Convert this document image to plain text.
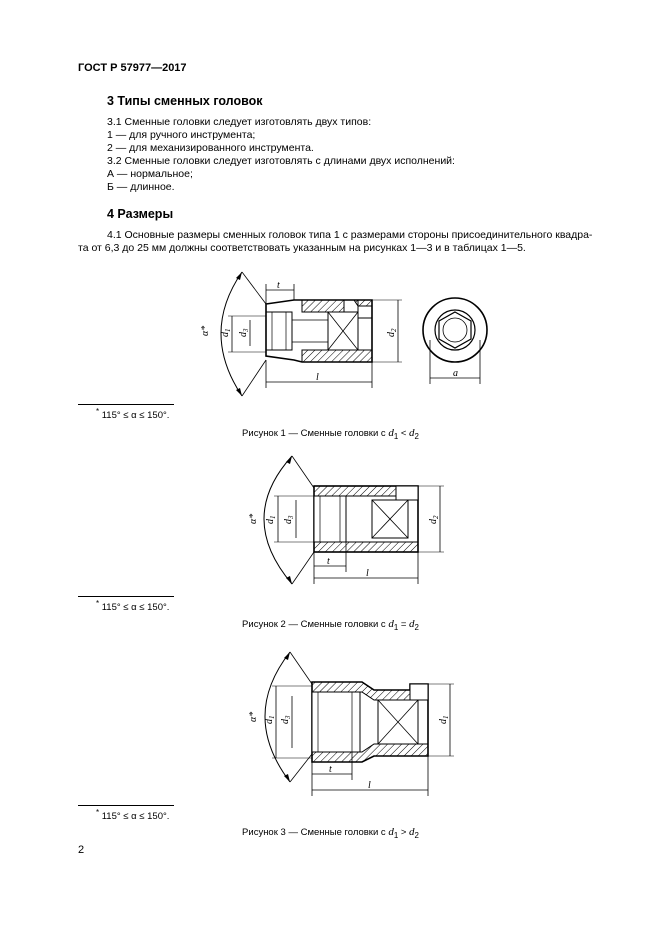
ГОСТ Р 57977—2017
3 Типы сменных головок
3.1 Сменные головки следует изготовлять двух типов:
1 — для ручного инструмента;
2 — для механизированного инструмента.
3.2 Сменные головки следует изготовлять с длинами двух исполнений:
А — нормальное;
Б — длинное.
4 Размеры
4.1 Основные размеры сменных головок типа 1 с размерами стороны присоединительного квадра-
та от 6,3 до 25 мм должны соответствовать указанным на рисунках 1—3 и в таблицах 1—5.
α* $d_1$
$d_3$
$d_2$
t
l	a
α* $d_1$
$d_3$
$d_2$
t
l
α* $d_1$
$d_3$
$d_1$
t
l
* 115° ≤ α ≤ 150°.
Рисунок 1 — Сменные головки с $d_1 < d_2$
* 115° ≤ α ≤ 150°.
Рисунок 2 — Сменные головки с $d_1 = d_2$
* 115° ≤ α ≤ 150°.
Рисунок 3 — Сменные головки с $d_1 > d_2$
2
